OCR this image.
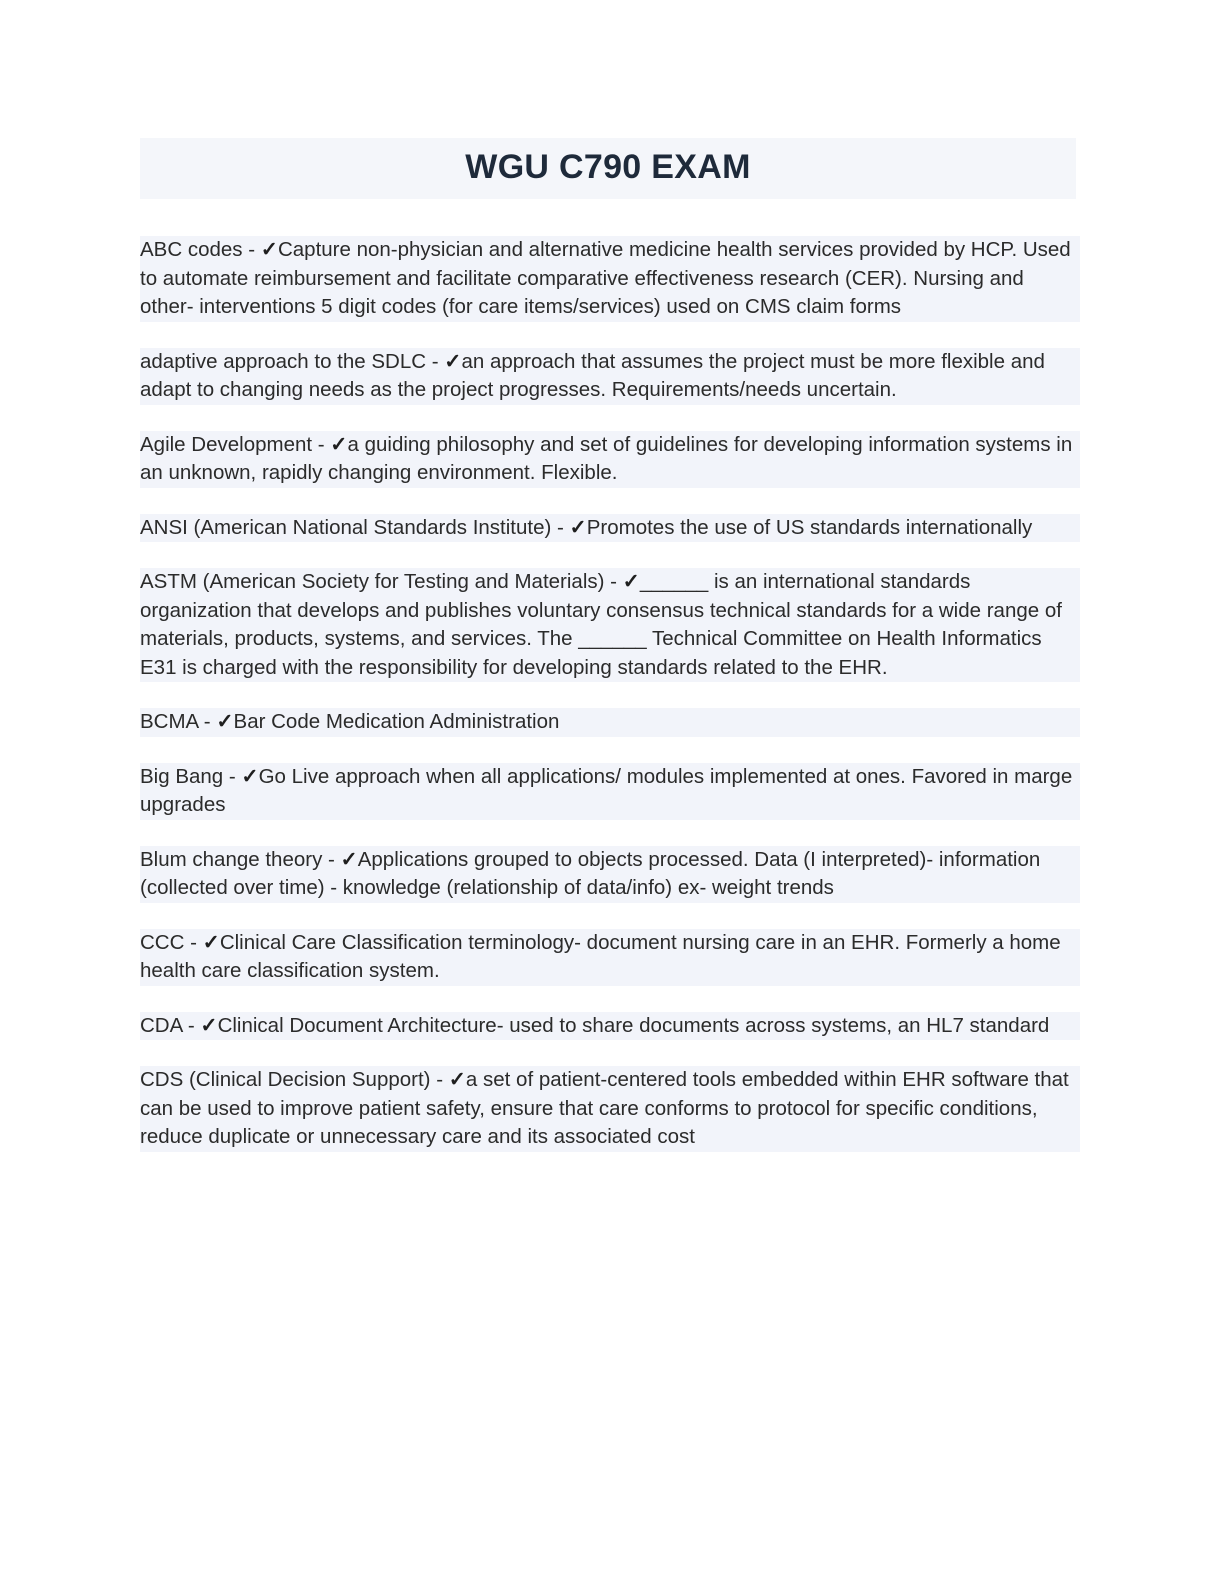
WGU C790 EXAM

ABC codes - ✓Capture non-physician and alternative medicine health services provided by HCP. Used to automate reimbursement and facilitate comparative effectiveness research (CER). Nursing and other- interventions 5 digit codes (for care items/services) used on CMS claim forms

adaptive approach to the SDLC - ✓an approach that assumes the project must be more flexible and adapt to changing needs as the project progresses. Requirements/needs uncertain.

Agile Development - ✓a guiding philosophy and set of guidelines for developing information systems in an unknown, rapidly changing environment. Flexible.

ANSI (American National Standards Institute) - ✓Promotes the use of US standards internationally

ASTM (American Society for Testing and Materials) - ✓______ is an international standards organization that develops and publishes voluntary consensus technical standards for a wide range of materials, products, systems, and services. The ______ Technical Committee on Health Informatics E31 is charged with the responsibility for developing standards related to the EHR.

BCMA - ✓Bar Code Medication Administration

Big Bang - ✓Go Live approach when all applications/ modules implemented at ones. Favored in marge upgrades

Blum change theory - ✓Applications grouped to objects processed. Data (I interpreted)- information (collected over time) - knowledge (relationship of data/info) ex- weight trends

CCC - ✓Clinical Care Classification terminology- document nursing care in an EHR. Formerly a home health care classification system.

CDA - ✓Clinical Document Architecture- used to share documents across systems, an HL7 standard

CDS (Clinical Decision Support) - ✓a set of patient-centered tools embedded within EHR software that can be used to improve patient safety, ensure that care conforms to protocol for specific conditions, reduce duplicate or unnecessary care and its associated cost
